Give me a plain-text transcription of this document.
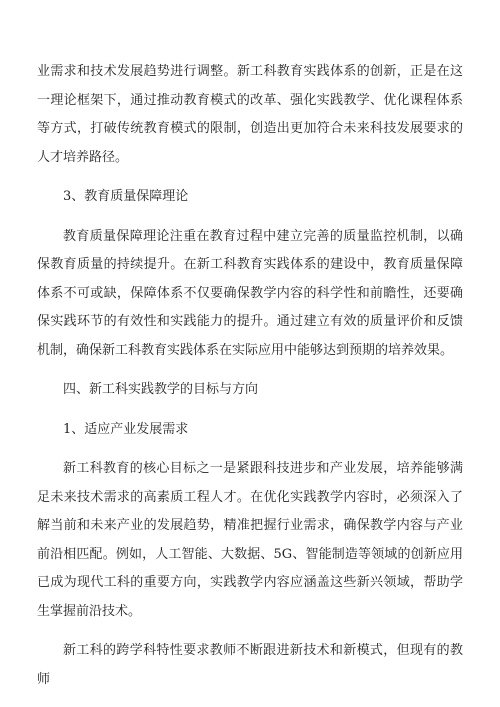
业需求和技术发展趋势进行调整。新工科教育实践体系的创新，正是在这一理论框架下，通过推动教育模式的改革、强化实践教学、优化课程体系等方式，打破传统教育模式的限制，创造出更加符合未来科技发展要求的人才培养路径。

3、教育质量保障理论

教育质量保障理论注重在教育过程中建立完善的质量监控机制，以确保教育质量的持续提升。在新工科教育实践体系的建设中，教育质量保障体系不可或缺，保障体系不仅要确保教学内容的科学性和前瞻性，还要确保实践环节的有效性和实践能力的提升。通过建立有效的质量评价和反馈机制，确保新工科教育实践体系在实际应用中能够达到预期的培养效果。

四、新工科实践教学的目标与方向

1、适应产业发展需求

新工科教育的核心目标之一是紧跟科技进步和产业发展，培养能够满足未来技术需求的高素质工程人才。在优化实践教学内容时，必须深入了解当前和未来产业的发展趋势，精准把握行业需求，确保教学内容与产业前沿相匹配。例如，人工智能、大数据、5G、智能制造等领域的创新应用已成为现代工科的重要方向，实践教学内容应涵盖这些新兴领域，帮助学生掌握前沿技术。

新工科的跨学科特性要求教师不断跟进新技术和新模式，但现有的教师
